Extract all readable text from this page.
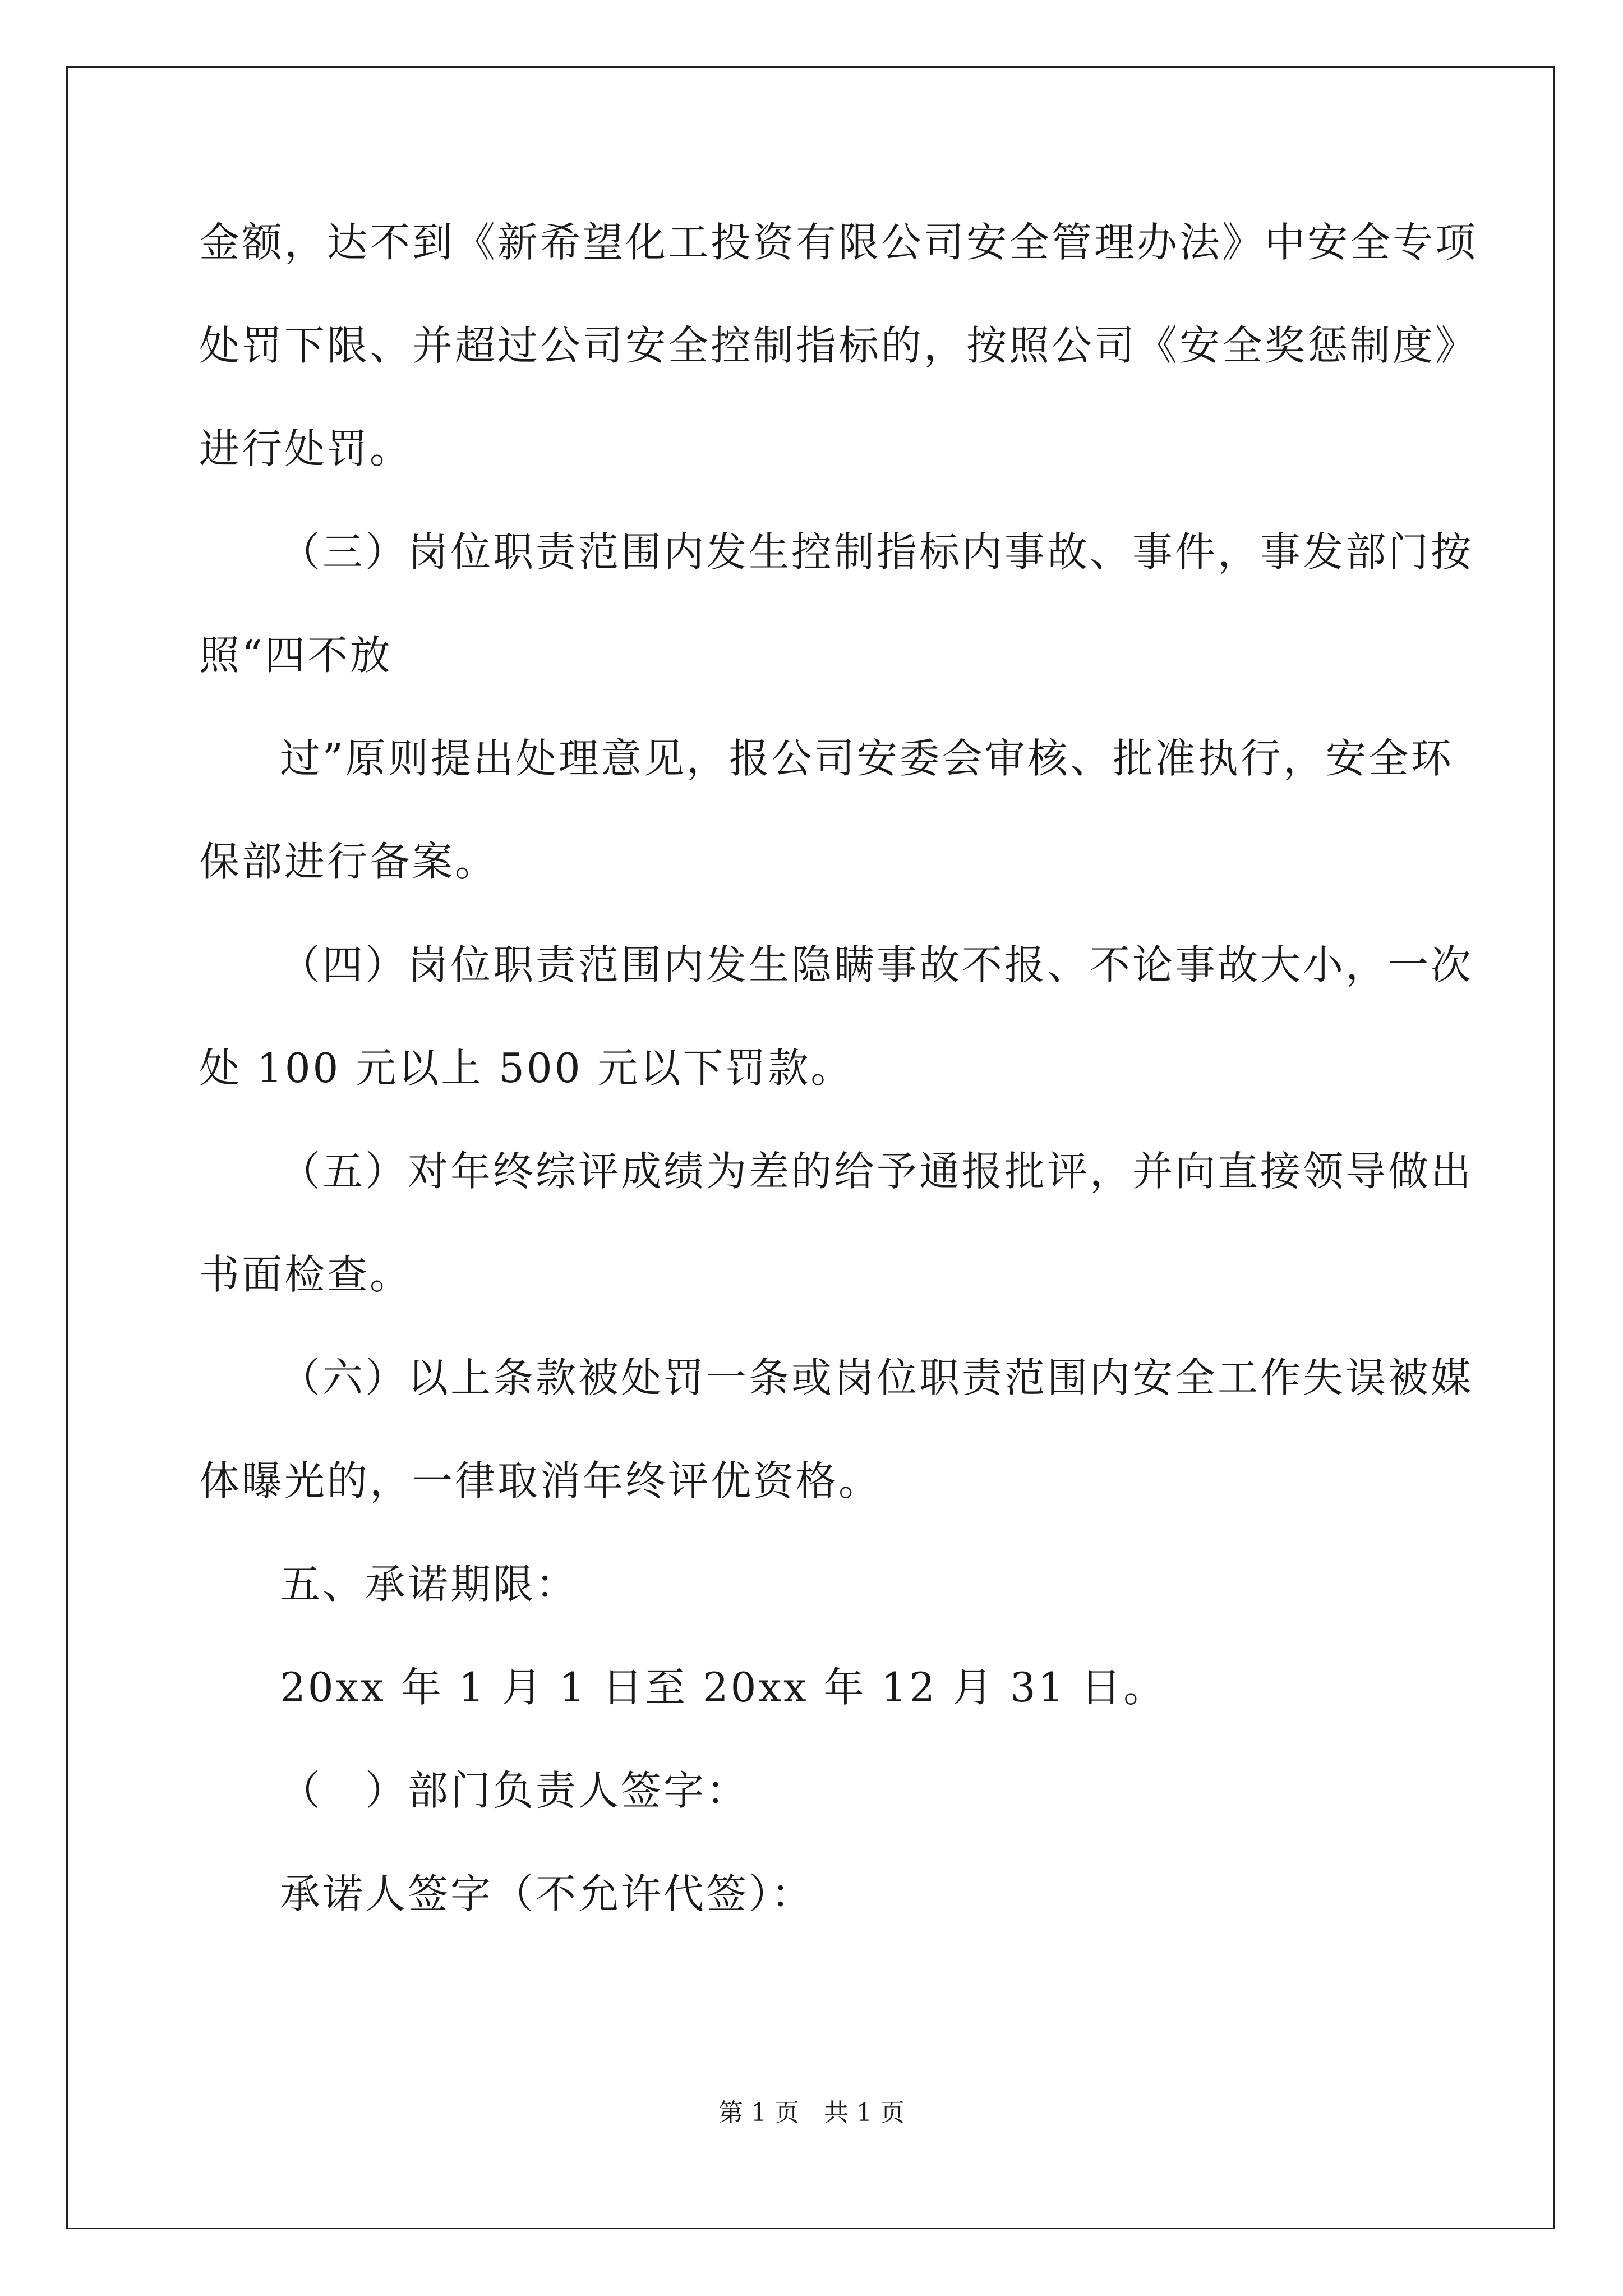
金额，达不到《新希望化工投资有限公司安全管理办法》中安全专项

处罚下限、并超过公司安全控制指标的，按照公司《安全奖惩制度》

进行处罚。

（三）岗位职责范围内发生控制指标内事故、事件，事发部门按

照“四不放

过”原则提出处理意见，报公司安委会审核、批准执行，安全环

保部进行备案。

（四）岗位职责范围内发生隐瞒事故不报、不论事故大小，一次

处 100 元以上 500 元以下罚款。

（五）对年终综评成绩为差的给予通报批评，并向直接领导做出

书面检查。

（六）以上条款被处罚一条或岗位职责范围内安全工作失误被媒

体曝光的，一律取消年终评优资格。

五、承诺期限：

20xx 年 1 月 1 日至 20xx 年 12 月 31 日。

（　）部门负责人签字：

承诺人签字（不允许代签）：

第 1 页　共 1 页
